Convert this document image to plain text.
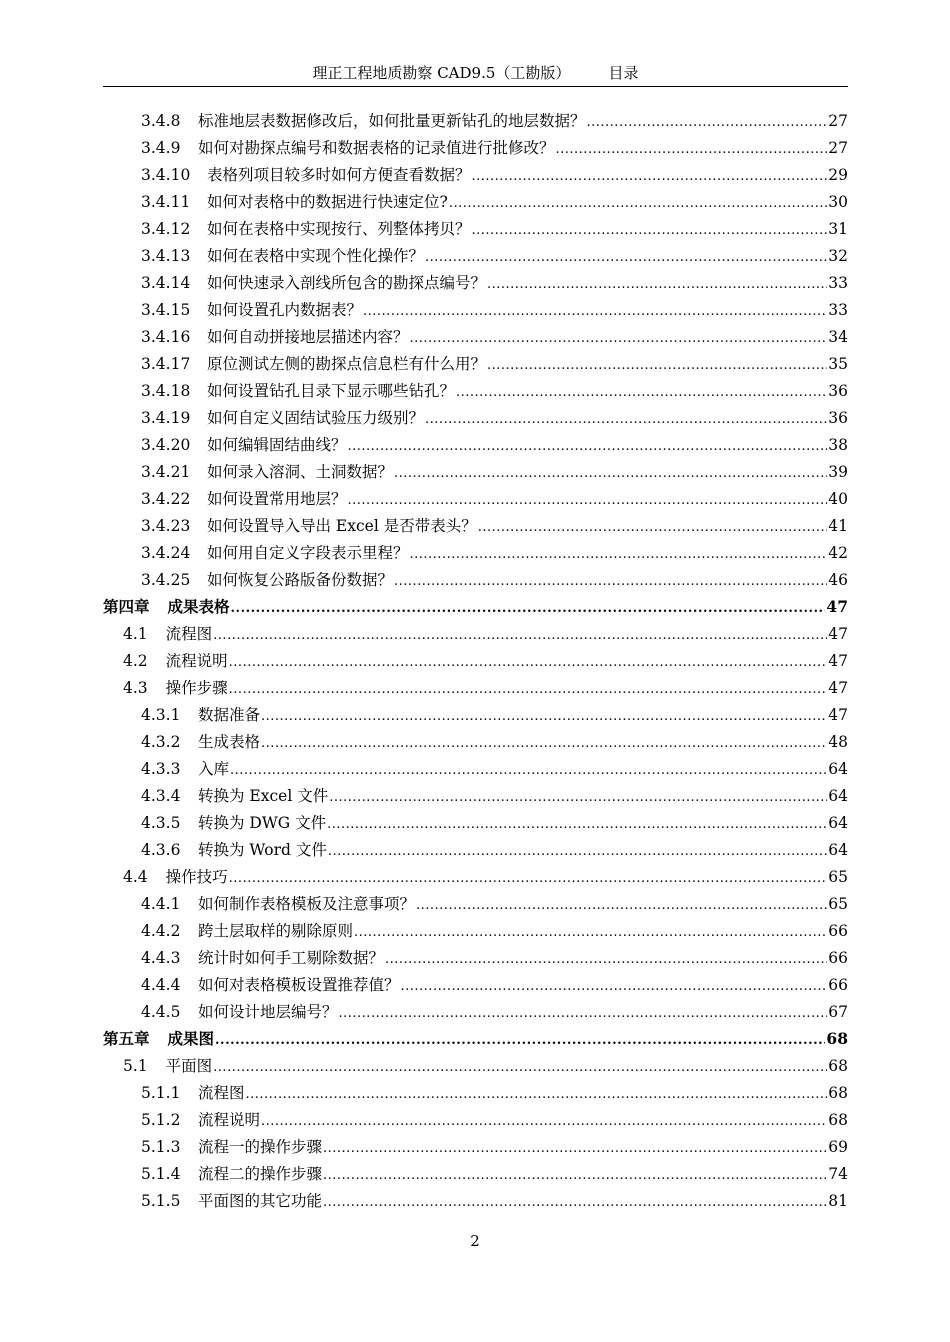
理正工程地质勘察 CAD9.5（工勘版）	目录
3.4.8	标准地层表数据修改后，如何批量更新钻孔的地层数据？ .....	27
3.4.9	如何对勘探点编号和数据表格的记录值进行批修改？ .....	27
3.4.10	表格列项目较多时如何方便查看数据？ .....	29
3.4.11	如何对表格中的数据进行快速定位? .....	30
3.4.12	如何在表格中实现按行、列整体拷贝？ .....	31
3.4.13	如何在表格中实现个性化操作？ .....	32
3.4.14	如何快速录入剖线所包含的勘探点编号？ .....	33
3.4.15	如何设置孔内数据表？ .....	33
3.4.16	如何自动拼接地层描述内容？ .....	34
3.4.17	原位测试左侧的勘探点信息栏有什么用？ .....	35
3.4.18	如何设置钻孔目录下显示哪些钻孔？ .....	36
3.4.19	如何自定义固结试验压力级别？ .....	36
3.4.20	如何编辑固结曲线？ .....	38
3.4.21	如何录入溶洞、土洞数据？ .....	39
3.4.22	如何设置常用地层？ .....	40
3.4.23	如何设置导入导出 Excel 是否带表头？ .....	41
3.4.24	如何用自定义字段表示里程？ .....	42
3.4.25	如何恢复公路版备份数据？ .....	46
第四章 成果表格 .....	47
4.1 流程图 .....	47
4.2 流程说明 .....	47
4.3 操作步骤 .....	47
4.3.1	数据准备 .....	47
4.3.2	生成表格 .....	48
4.3.3	入库 .....	64
4.3.4	转换为 Excel 文件 .....	64
4.3.5	转换为 DWG 文件 .....	64
4.3.6	转换为 Word 文件 .....	64
4.4 操作技巧 .....	65
4.4.1	如何制作表格模板及注意事项？ .....	65
4.4.2	跨土层取样的剔除原则 .....	66
4.4.3	统计时如何手工剔除数据？ .....	66
4.4.4	如何对表格模板设置推荐值？ .....	66
4.4.5	如何设计地层编号？ .....	67
第五章 成果图 .....	68
5.1 平面图 .....	68
5.1.1	流程图 .....	68
5.1.2	流程说明 .....	68
5.1.3	流程一的操作步骤 .....	69
5.1.4	流程二的操作步骤 .....	74
5.1.5	平面图的其它功能 .....	81
2
